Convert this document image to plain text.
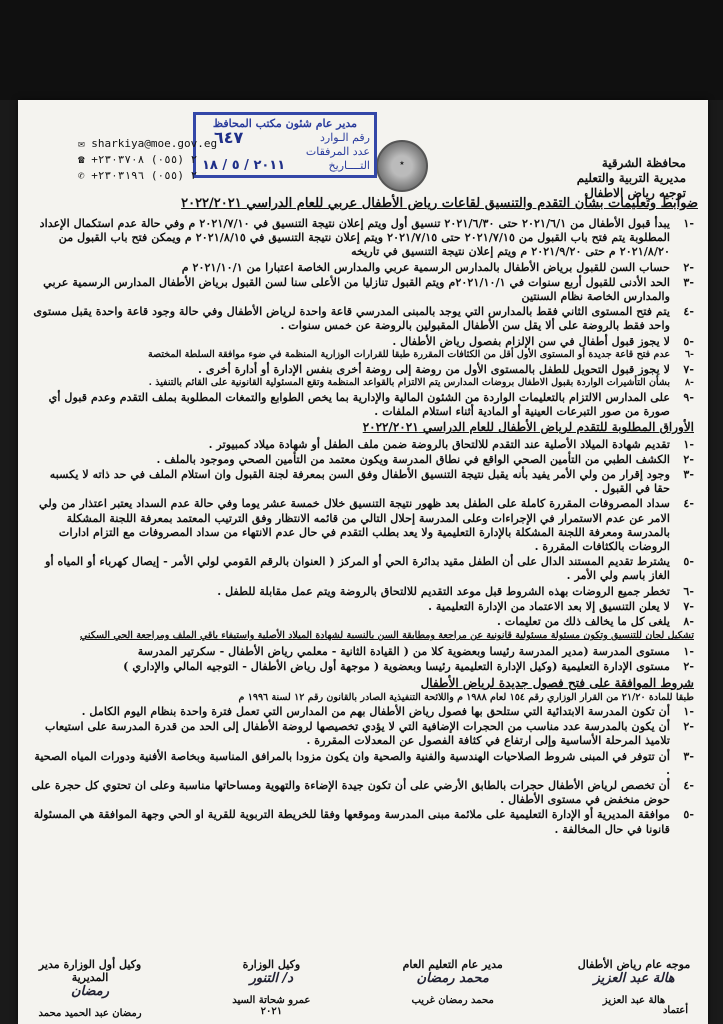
محافظة الشرقية
مديرية التربية والتعليم
توجيه رياض الاطفال
★
مدير عام شئون مكتب المحافظ
رقم الـوارد
عدد المرفقات
التــــاريخ
٦٤٧
٢٠١١ / ٥ / ١٨
✉ sharkiya@moe.gov.eg
☎ +٢ (٠٥٥) ٢٣٠٣٧٠٨
✆ +٢ (٠٥٥) ٢٣٠٣١٩٦
ضوابط وتعليمات بشأن التقدم والتنسيق لقاعات رياض الأطفال عربي للعام الدراسي ٢٠٢٢/٢٠٢١
-١
يبدأ قبول الأطفال من ٢٠٢١/٦/١ حتى ٢٠٢١/٦/٣٠ تنسيق أول ويتم إعلان نتيجة التنسيق في ٢٠٢١/٧/١٠ م وفي حالة عدم استكمال الإعداد المطلوبة يتم فتح باب القبول من ٢٠٢١/٧/١٥ حتى ٢٠٢١/٧/١٥ ويتم إعلان نتيجة التنسيق في ٢٠٢١/٨/١٥ م ويمكن فتح باب القبول من ٢٠٢١/٨/٢٠ م حتى ٢٠٢١/٩/٢٠ م ويتم إعلان نتيجة التنسيق في تاريخه
-٢
حساب السن للقبول برياض الأطفال بالمدارس الرسمية عربي والمدارس الخاصة اعتبارا من ٢٠٢١/١٠/١ م
-٣
الحد الأدنى للقبول أربع سنوات في ٢٠٢١/١٠/١م ويتم القبول تنازليا من الأعلى سنا لسن القبول برياض الأطفال المدارس الرسمية عربي والمدارس الخاصة نظام السنتين
-٤
يتم فتح المستوى الثاني فقط بالمدارس التي يوجد بالمبنى المدرسي قاعة واحدة لرياض الأطفال وفي حالة وجود قاعة واحدة يقبل مستوى واحد فقط بالروضة على ألا يقل سن الأطفال المقبولين بالروضة عن خمس سنوات .
-٥
لا يجوز قبول أطفال في سن الإلزام بفصول رياض الأطفال .
-٦
عدم فتح قاعة جديدة أو المستوى الأول أقل من الكثافات المقررة طبقا للقرارات الوزارية المنظمة في ضوء موافقة السلطة المختصة
-٧
لا يجوز قبول التحويل للطفل بالمستوى الأول من روضة إلى روضة أخرى بنفس الإدارة أو أدارة أخرى .
-٨
بشأن التأشيرات الواردة بقبول الاطفال بروضات المدارس يتم الالتزام بالقواعد المنظمة وتقع المسئولية القانونية على القائم بالتنفيذ .
-٩
على المدارس الالتزام بالتعليمات الواردة من الشئون المالية والإدارية بما يخص الطوابع والتمغات المطلوبة بملف التقدم وعدم قبول أي صورة من صور التبرعات العينية أو المادية أثناء استلام الملفات .
الأوراق المطلوبة للتقدم لرياض الأطفال للعام الدراسي ٢٠٢٢/٢٠٢١
-١
تقديم شهادة الميلاد الأصلية عند التقدم للالتحاق بالروضة ضمن ملف الطفل أو شهادة ميلاد كمبيوتر .
-٢
الكشف الطبي من التأمين الصحي الواقع في نطاق المدرسة ويكون معتمد من التأمين الصحي وموجود بالملف .
-٣
وجود إقرار من ولي الأمر يفيد بأنه يقبل نتيجة التنسيق الأطفال وفق السن بمعرفة لجنة القبول وان استلام الملف في حد ذاته لا يكسبه حقا في القبول .
-٤
سداد المصروفات المقررة كاملة على الطفل بعد ظهور نتيجة التنسيق خلال خمسة عشر يوما وفي حالة عدم السداد يعتبر اعتذار من ولي الامر عن عدم الاستمرار في الإجراءات وعلى المدرسة إحلال التالي من قائمه الانتظار وفق الترتيب المعتمد بمعرفة اللجنة المشكلة بالمدرسة ومعرفة اللجنة المشكلة بالإدارة التعليمية ولا يعد بطلب التقدم في حال عدم الانتهاء من سداد المصروفات مع التزام ادارات الروضات بالكثافات المقررة .
-٥
يشترط تقديم المستند الدال على أن الطفل مقيد بدائرة الحي أو المركز ( العنوان بالرقم القومي لولي الأمر - إيصال كهرباء أو المياه أو الغاز باسم ولي الأمر .
-٦
تخطر جميع الروضات بهذه الشروط قبل موعد التقديم للالتحاق بالروضة ويتم عمل مقابلة للطفل .
-٧
لا يعلن التنسيق إلا بعد الاعتماد من الإدارة التعليمية .
-٨
يلغى كل ما يخالف ذلك من تعليمات .
تشكيل لجان للتنسيق وتكون مسئولة مسئولية قانونية عن مراجعة ومطابقة السن بالنسبة لشهادة الميلاد الأصلية واستيفاء باقي الملف ومراجعة الحي السكني
-١
مستوى المدرسة (مدير المدرسة رئيسا وبعضوية كلا من ( القيادة الثانية - معلمي رياض الأطفال - سكرتير المدرسة
-٢
مستوى الإدارة التعليمية (وكيل الإدارة التعليمية رئيسا وبعضوية ( موجهة أول رياض الأطفال - التوجيه المالي والإداري )
شروط الموافقة على فتح فصول جديدة لرياض الأطفال
طبقا للمادة ٢١/٢٠ من القرار الوزاري رقم ١٥٤ لعام ١٩٨٨ م واللائحة التنفيذية الصادر بالقانون رقم ١٢ لسنة ١٩٩٦ م
-١
أن تكون المدرسة الابتدائية التي ستلحق بها فصول رياض الأطفال بهم من المدارس التي تعمل فترة واحدة بنظام اليوم الكامل .
-٢
أن يكون بالمدرسة عدد مناسب من الحجرات الإضافية التي لا يؤدي تخصيصها لروضة الأطفال إلى الحد من قدرة المدرسة على استيعاب تلاميذ المرحلة الأساسية وإلى ارتفاع في كثافة الفصول عن المعدلات المقررة .
-٣
أن تتوفر في المبنى شروط الصلاحيات الهندسية والفنية والصحية وان يكون مزودا بالمرافق المناسبة وبخاصة الأفنية ودورات المياه الصحية .
-٤
أن تخصص لرياض الأطفال حجرات بالطابق الأرضي على أن تكون جيدة الإضاءة والتهوية ومساحاتها مناسبة وعلى ان تحتوي كل حجرة على حوض منخفض في مستوى الأطفال .
-٥
موافقة المديرية أو الإدارة التعليمية على ملائمة مبنى المدرسة وموقعها وفقا للخريطة التربوية للقرية او الحي وجهة الموافقة هي المسئولة قانونا في حال المخالفة .
موجه عام رياض الأطفال
هالة عبد العزيز
هالة عبد العزيز
مدير عام التعليم العام
محمد رمضان
محمد رمضان غريب
وكيل الوزارة
د/ التنور
عمرو شحاتة السيد
٢٠٢١
وكيل أول الوزارة مدير المديرية
رمضان
رمضان عبد الحميد محمد	أعتماد
